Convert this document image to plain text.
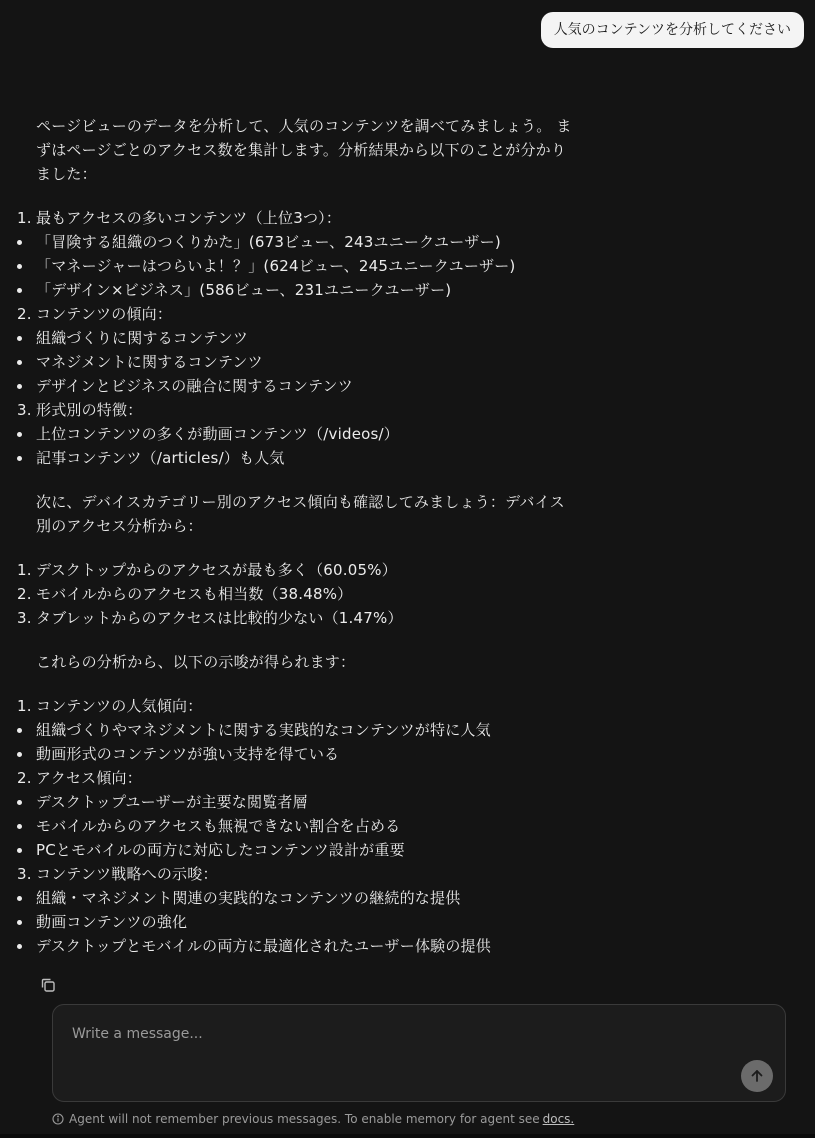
人気のコンテンツを分析してください

ページビューのデータを分析して、人気のコンテンツを調べてみましょう。 まずはページごとのアクセス数を集計します。分析結果から以下のことが分かりました：

1. 最もアクセスの多いコンテンツ（上位3つ）：
「冒険する組織のつくりかた」(673ビュー、243ユニークユーザー)
「マネージャーはつらいよ！？」(624ビュー、245ユニークユーザー)
「デザイン×ビジネス」(586ビュー、231ユニークユーザー)
2. コンテンツの傾向：
組織づくりに関するコンテンツ
マネジメントに関するコンテンツ
デザインとビジネスの融合に関するコンテンツ
3. 形式別の特徴：
上位コンテンツの多くが動画コンテンツ（/videos/）
記事コンテンツ（/articles/）も人気

次に、デバイスカテゴリー別のアクセス傾向も確認してみましょう：デバイス別のアクセス分析から：

1. デスクトップからのアクセスが最も多く（60.05%）
2. モバイルからのアクセスも相当数（38.48%）
3. タブレットからのアクセスは比較的少ない（1.47%）

これらの分析から、以下の示唆が得られます：

1. コンテンツの人気傾向：
組織づくりやマネジメントに関する実践的なコンテンツが特に人気
動画形式のコンテンツが強い支持を得ている
2. アクセス傾向：
デスクトップユーザーが主要な閲覧者層
モバイルからのアクセスも無視できない割合を占める
PCとモバイルの両方に対応したコンテンツ設計が重要
3. コンテンツ戦略への示唆：
組織・マネジメント関連の実践的なコンテンツの継続的な提供
動画コンテンツの強化
デスクトップとモバイルの両方に最適化されたユーザー体験の提供
Write a message...
Agent will not remember previous messages. To enable memory for agent see docs.
